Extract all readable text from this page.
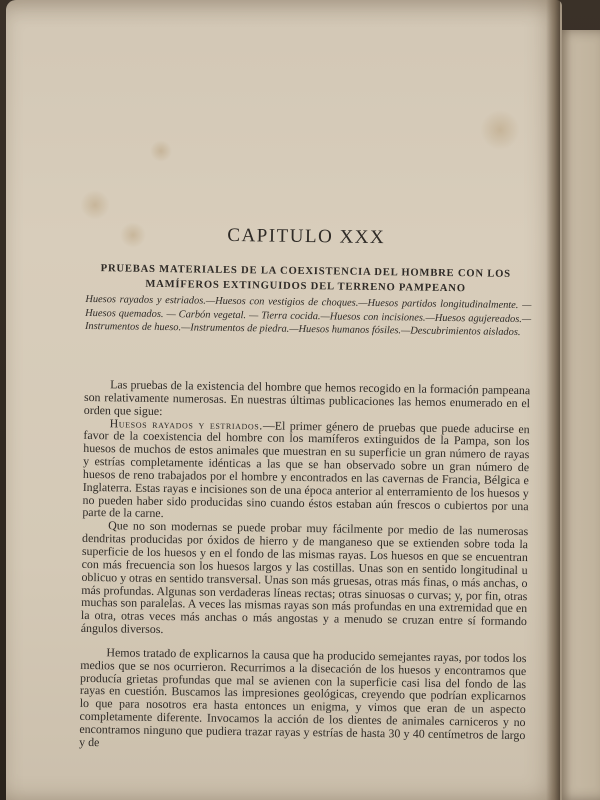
CAPITULO XXX
PRUEBAS MATERIALES DE LA COEXISTENCIA DEL HOMBRE CON LOS
MAMÍFEROS EXTINGUIDOS DEL TERRENO PAMPEANO

Huesos rayados y estriados.—Huesos con vestigios de choques.—Huesos partidos longitudinalmente. — Huesos quemados. — Carbón vegetal. — Tierra cocida.—Huesos con incisiones.—Huesos agujereados.—Instrumentos de hueso.—Instrumentos de piedra.—Huesos humanos fósiles.—Descubrimientos aislados.

Las pruebas de la existencia del hombre que hemos recogido en la formación pampeana son relativamente numerosas. En nuestras últimas publicaciones las hemos enumerado en el orden que sigue:

Huesos rayados y estriados.—El primer género de pruebas que puede aducirse en favor de la coexistencia del hombre con los mamíferos extinguidos de la Pampa, son los huesos de muchos de estos animales que muestran en su superficie un gran número de rayas y estrías completamente idénticas a las que se han observado sobre un gran número de huesos de reno trabajados por el hombre y encontrados en las cavernas de Francia, Bélgica e Inglaterra. Estas rayas e incisiones son de una época anterior al enterramiento de los huesos y no pueden haber sido producidas sino cuando éstos estaban aún frescos o cubiertos por una parte de la carne.

Que no son modernas se puede probar muy fácilmente por medio de las numerosas dendritas producidas por óxidos de hierro y de manganeso que se extienden sobre toda la superficie de los huesos y en el fondo de las mismas rayas. Los huesos en que se encuentran con más frecuencia son los huesos largos y las costillas. Unas son en sentido longitudinal u oblicuo y otras en sentido transversal. Unas son más gruesas, otras más finas, o más anchas, o más profundas. Algunas son verdaderas líneas rectas; otras sinuosas o curvas; y, por fin, otras muchas son paralelas. A veces las mismas rayas son más profundas en una extremidad que en la otra, otras veces más anchas o más angostas y a menudo se cruzan entre sí formando ángulos diversos.

Hemos tratado de explicarnos la causa que ha producido semejantes rayas, por todos los medios que se nos ocurrieron. Recurrimos a la disecación de los huesos y encontramos que producía grietas profundas que mal se avienen con la superficie casi lisa del fondo de las rayas en cuestión. Buscamos las impresiones geológicas, creyendo que podrían explicarnos lo que para nosotros era hasta entonces un enigma, y vimos que eran de un aspecto completamente diferente. Invocamos la acción de los dientes de animales carniceros y no encontramos ninguno que pudiera trazar rayas y estrías de hasta 30 y 40 centímetros de largo y de
